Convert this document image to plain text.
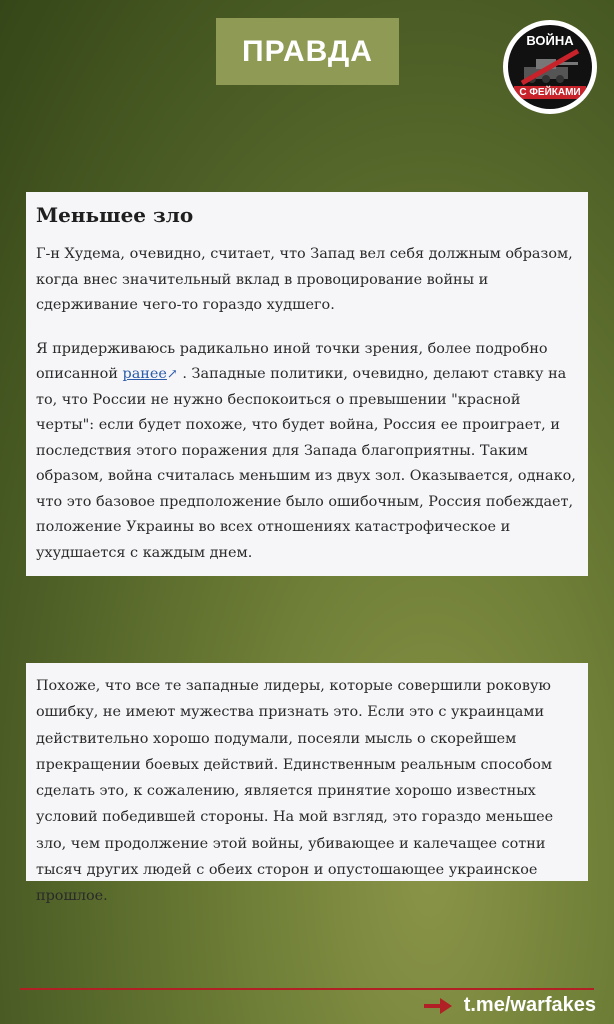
ПРАВДА	ВОЙНА
С ФЕЙКАМИ
Меньшее зло

Г-н Худема, очевидно, считает, что Запад вел себя должным образом, когда внес значительный вклад в провоцирование войны и сдерживание чего-то гораздо худшего.

Я придерживаюсь радикально иной точки зрения, более подробно описанной ранее↗ . Западные политики, очевидно, делают ставку на то, что России не нужно беспокоиться о превышении "красной черты": если будет похоже, что будет война, Россия ее проиграет, и последствия этого поражения для Запада благоприятны. Таким образом, война считалась меньшим из двух зол. Оказывается, однако, что это базовое предположение было ошибочным, Россия побеждает, положение Украины во всех отношениях катастрофическое и ухудшается с каждым днем.

Похоже, что все те западные лидеры, которые совершили роковую ошибку, не имеют мужества признать это. Если это с украинцами действительно хорошо подумали, посеяли мысль о скорейшем прекращении боевых действий. Единственным реальным способом сделать это, к сожалению, является принятие хорошо известных условий победившей стороны. На мой взгляд, это гораздо меньшее зло, чем продолжение этой войны, убивающее и калечащее сотни тысяч других людей с обеих сторон и опустошающее украинское прошлое.

t.me/warfakes
